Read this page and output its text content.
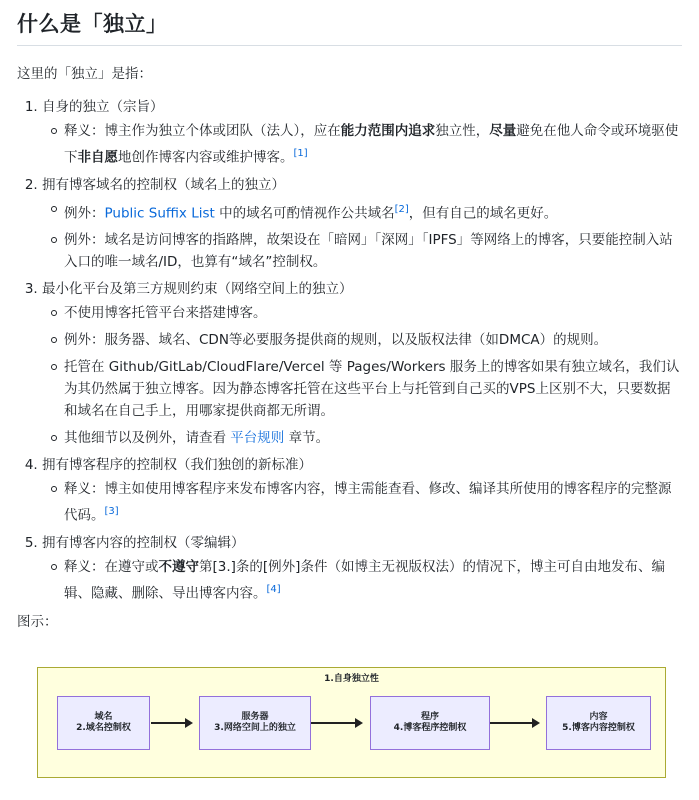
什么是「独立」
这里的「独立」是指：
1. 自身的独立（宗旨）
释义：博主作为独立个体或团队（法人），应在能力范围内追求独立性，尽量避免在他人命令或环境驱使下非自愿地创作博客内容或维护博客。[1]
2. 拥有博客域名的控制权（域名上的独立）
例外：Public Suffix List 中的域名可酌情视作公共域名[2]，但有自己的域名更好。
例外：域名是访问博客的指路牌，故架设在「暗网」「深网」「IPFS」等网络上的博客，只要能控制入站入口的唯一域名/ID，也算有“域名”控制权。
3. 最小化平台及第三方规则约束（网络空间上的独立）
不使用博客托管平台来搭建博客。
例外：服务器、域名、CDN等必要服务提供商的规则，以及版权法律（如DMCA）的规则。
托管在 Github/GitLab/CloudFlare/Vercel 等 Pages/Workers 服务上的博客如果有独立域名，我们认为其仍然属于独立博客。因为静态博客托管在这些平台上与托管到自己买的VPS上区别不大，只要数据和域名在自己手上，用哪家提供商都无所谓。
其他细节以及例外，请查看 平台规则 章节。
4. 拥有博客程序的控制权（我们独创的新标准）
释义：博主如使用博客程序来发布博客内容，博主需能查看、修改、编译其所使用的博客程序的完整源代码。[3]
5. 拥有博客内容的控制权（零编辑）
释义：在遵守或不遵守第[3.]条的[例外]条件（如博主无视版权法）的情况下，博主可自由地发布、编辑、隐藏、删除、导出博客内容。[4]
图示：
1.自身独立性
域名
2.域名控制权
服务器
3.网络空间上的独立
程序
4.博客程序控制权
内容
5.博客内容控制权
